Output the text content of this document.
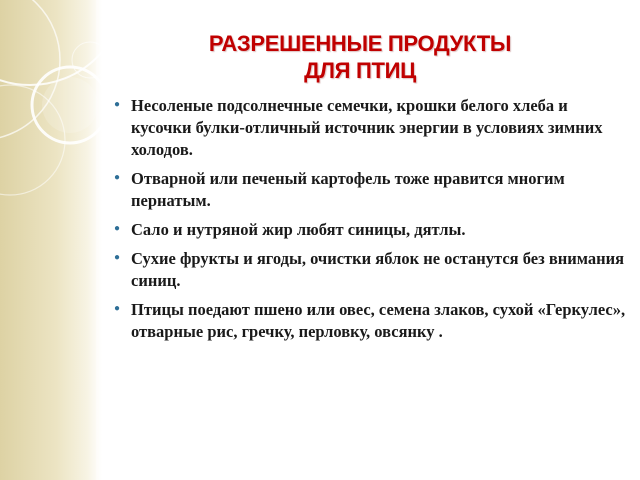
РАЗРЕШЕННЫЕ ПРОДУКТЫ
ДЛЯ ПТИЦ
● Несоленые подсолнечные семечки, крошки белого хлеба и кусочки булки-отличный источник энергии в условиях зимних холодов.
● Отварной или печеный картофель тоже нравится многим пернатым.
● Сало и нутряной жир любят синицы, дятлы.
● Сухие фрукты и ягоды, очистки яблок не останутся без внимания синиц.
● Птицы поедают пшено или овес, семена злаков, сухой «Геркулес», отварные рис, гречку, перловку, овсянку .
